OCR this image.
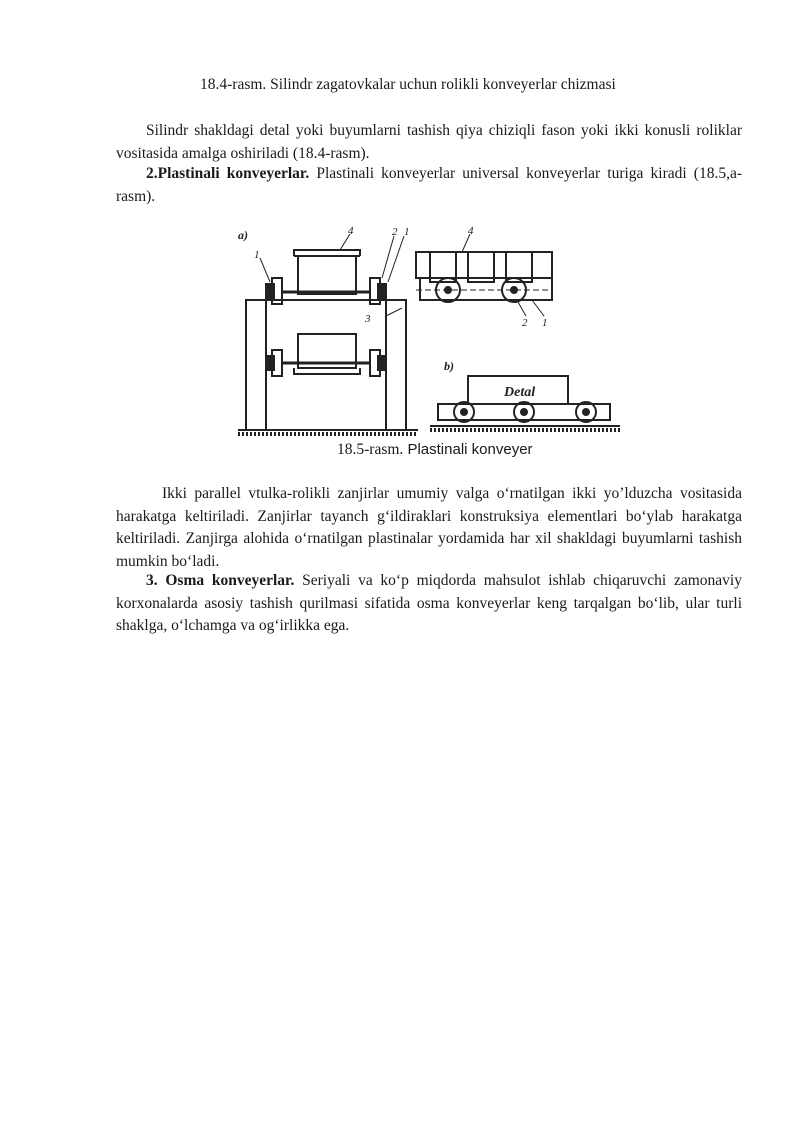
18.4-rasm. Silindr zagatovkalar uchun rolikli konveyerlar chizmasi

Silindr shakldagi detal yoki buyumlarni tashish qiya chiziqli fason yoki ikki konusli roliklar vositasida amalga oshiriladi (18.4-rasm).

2.Plastinali konveyerlar. Plastinali konveyerlar universal konveyerlar turiga kiradi (18.5,a-rasm).

a)
b)
Detal
1
4	2 1
3
4
2 1
18.5-rasm. Plastinali konveyer

Ikki parallel vtulka-rolikli zanjirlar umumiy valga o‘rnatilgan ikki yo’lduzcha vositasida harakatga keltiriladi. Zanjirlar tayanch g‘ildiraklari konstruksiya elementlari bo‘ylab harakatga keltiriladi. Zanjirga alohida o‘rnatilgan plastinalar yordamida har xil shakldagi buyumlarni tashish mumkin bo‘ladi.

3. Osma konveyerlar. Seriyali va ko‘p miqdorda mahsulot ishlab chiqaruvchi zamonaviy korxonalarda asosiy tashish qurilmasi sifatida osma konveyerlar keng tarqalgan bo‘lib, ular turli shaklga, o‘lchamga va og‘irlikka ega.
